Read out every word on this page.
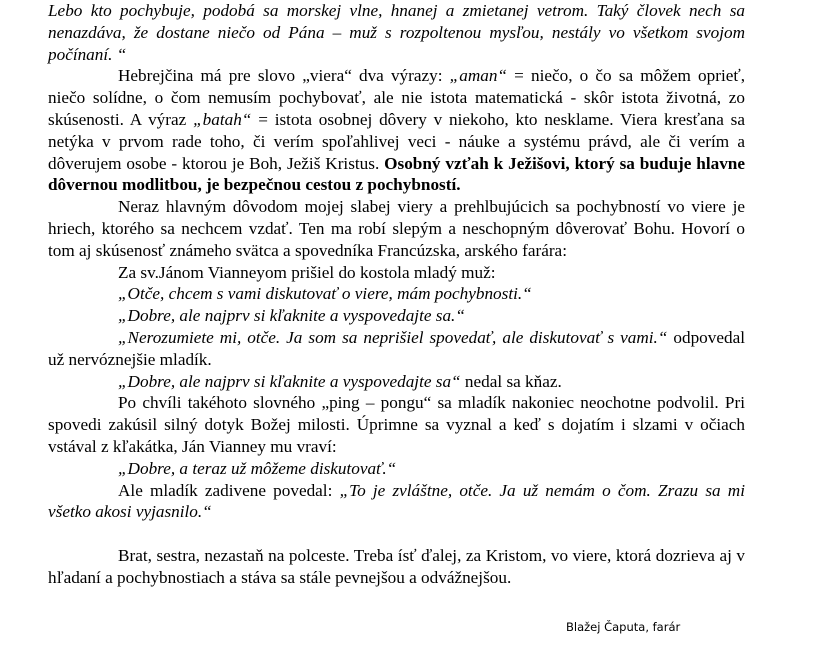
Lebo kto pochybuje, podobá sa morskej vlne, hnanej a zmietanej vetrom. Taký človek nech sa nenazdáva, že dostane niečo od Pána – muž s rozpoltenou mysľou, nestály vo všetkom svojom počínaní. “

Hebrejčina má pre slovo „viera“ dva výrazy: „aman“ = niečo, o čo sa môžem oprieť, niečo solídne, o čom nemusím pochybovať, ale nie istota matematická - skôr istota životná, zo skúsenosti. A výraz „batah“ = istota osobnej dôvery v niekoho, kto nesklame. Viera kresťana sa netýka v prvom rade toho, či verím spoľahlivej veci - náuke a systému právd, ale či verím a dôverujem osobe - ktorou je Boh, Ježiš Kristus. Osobný vzťah k Ježišovi, ktorý sa buduje hlavne dôvernou modlitbou, je bezpečnou cestou z pochybností.

Neraz hlavným dôvodom mojej slabej viery a prehlbujúcich sa pochybností vo viere je hriech, ktorého sa nechcem vzdať. Ten ma robí slepým a neschopným dôverovať Bohu. Hovorí o tom aj skúsenosť známeho svätca a spovedníka Francúzska, arského farára:

Za sv.Jánom Vianneyom prišiel do kostola mladý muž:

„Otče, chcem s vami diskutovať o viere, mám pochybnosti.“

„Dobre, ale najprv si kľaknite a vyspovedajte sa.“

„Nerozumiete mi, otče. Ja som sa neprišiel spovedať, ale diskutovať s vami.“ odpovedal už nervóznejšie mladík.

„Dobre, ale najprv si kľaknite a vyspovedajte sa“ nedal sa kňaz.

Po chvíli takéhoto slovného „ping – pongu“ sa mladík nakoniec neochotne podvolil. Pri spovedi zakúsil silný dotyk Božej milosti. Úprimne sa vyznal a keď s dojatím i slzami v očiach vstával z kľakátka, Ján Vianney mu vraví:

„Dobre, a teraz už môžeme diskutovať.“

Ale mladík zadivene povedal: „To je zvláštne, otče. Ja už nemám o čom. Zrazu sa mi všetko akosi vyjasnilo.“

Brat, sestra, nezastaň na polceste. Treba ísť ďalej, za Kristom, vo viere, ktorá dozrieva aj v hľadaní a pochybnostiach a stáva sa stále pevnejšou a odvážnejšou.

Blažej Čaputa, farár
